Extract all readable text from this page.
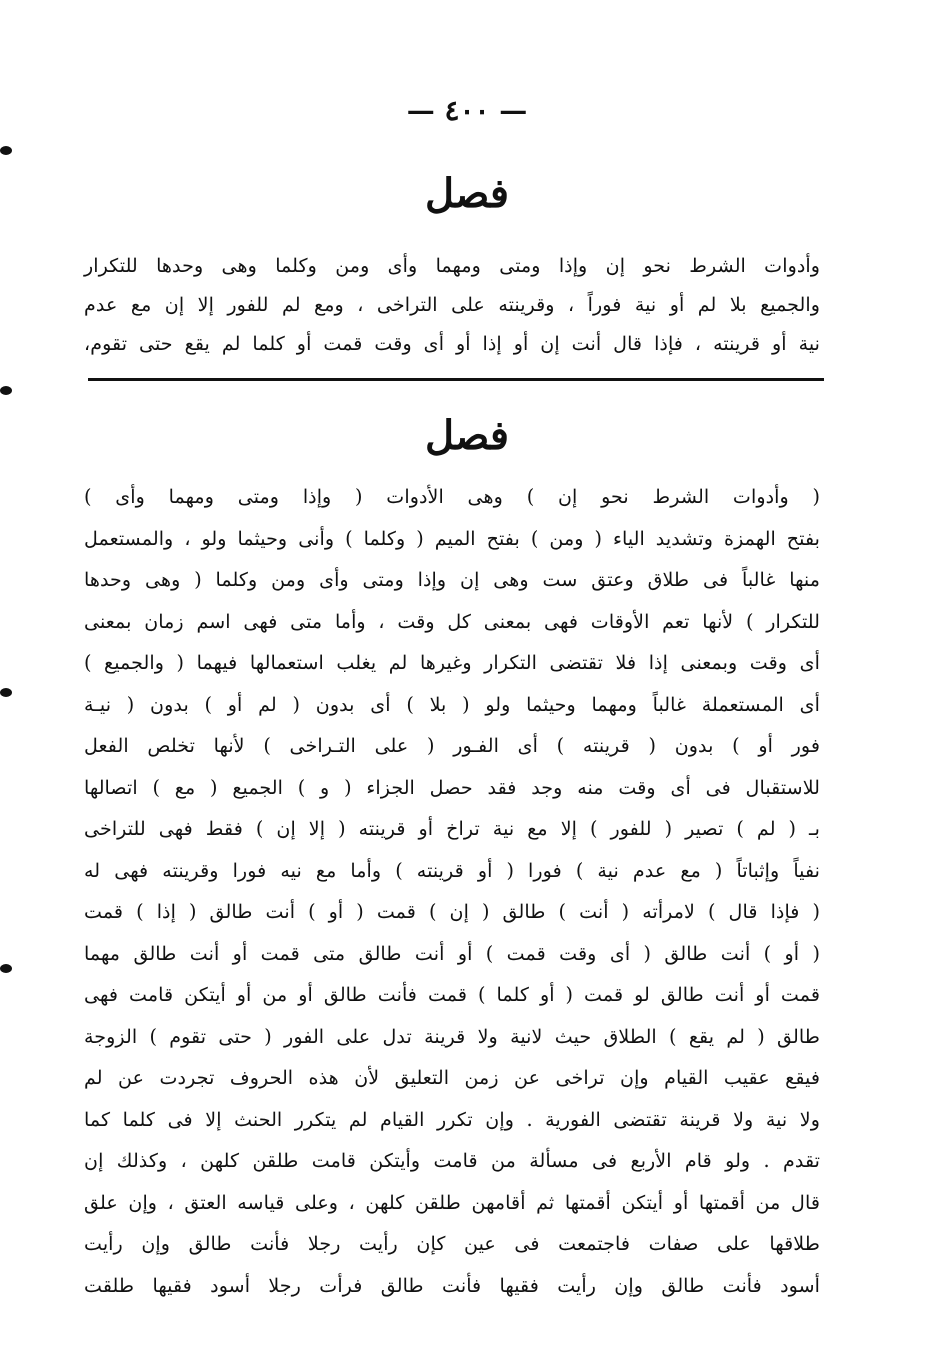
— ٤٠٠ —
فصل
وأدوات الشرط نحو إن وإذا ومتى ومهما وأى ومن وكلما وهى وحدها للتكرار
والجميع بلا لم أو نية فوراً ، وقرينته على التراخى ، ومع لم للفور إلا إن مع عدم
نية أو قرينته ، فإذا قال أنت إن أو إذا أو أى وقت قمت أو كلما لم يقع حتى تقوم،
فصل
( وأدوات الشرط نحو إن ) وهى الأدوات ( وإذا ومتى ومهما وأى )
بفتح الهمزة وتشديد الياء ( ومن ) بفتح الميم ( وكلما ) وأنى وحيثما ولو ، والمستعمل
منها غالباً فى طلاق وعتق ست وهى إن وإذا ومتى وأى ومن وكلما ( وهى وحدها
للتكرار ) لأنها تعم الأوقات فهى بمعنى كل وقت ، وأما متى فهى اسم زمان بمعنى
أى وقت وبمعنى إذا فلا تقتضى التكرار وغيرها لم يغلب استعمالها فيهما ( والجميع )
أى المستعملة غالباً ومهما وحيثما ولو ( بلا ) أى بدون ( لم أو ) بدون ( نيـة
فور أو ) بدون ( قرينته ) أى الفـور ( على التـراخى ) لأنها تخلص الفعل
للاستقبال فى أى وقت منه وجد فقد حصل الجزاء ( و ) الجميع ( مع ) اتصالها
بـ ( لم ) تصير ( للفور ) إلا مع نية تراخ أو قرينته ( إلا إن ) فقط فهى للتراخى
نفياً وإثباتاً ( مع عدم نية ) فورا ( أو قرينته ) وأما مع نيه فورا وقرينته فهى له
( فإذا قال ) لامرأته ( أنت ) طالق ( إن ) قمت ( أو ) أنت طالق ( إذا ) قمت
( أو ) أنت طالق ( أى وقت قمت ) أو أنت طالق متى قمت أو أنت طالق مهما
قمت أو أنت طالق لو قمت ( أو كلما ) قمت فأنت طالق أو من أو أيتكن قامت فهى
طالق ( لم يقع ) الطلاق حيث لانية ولا قرينة تدل على الفور ( حتى تقوم ) الزوجة
فيقع عقيب القيام وإن تراخى عن زمن التعليق لأن هذه الحروف تجردت عن لم
ولا نية ولا قرينة تقتضى الفورية . وإن تكرر القيام لم يتكرر الحنث إلا فى كلما كما
تقدم . ولو قام الأربع فى مسألة من قامت وأيتكن قامت طلقن كلهن ، وكذلك إن
قال من أقمتها أو أيتكن أقمتها ثم أقامهن طلقن كلهن ، وعلى قياسه العتق ، وإن علق
طلاقها على صفات فاجتمعت فى عين كإن رأيت رجلا فأنت طالق وإن رأيت
أسود فأنت طالق وإن رأيت فقيها فأنت طالق فرأت رجلا أسود فقيها طلقت
